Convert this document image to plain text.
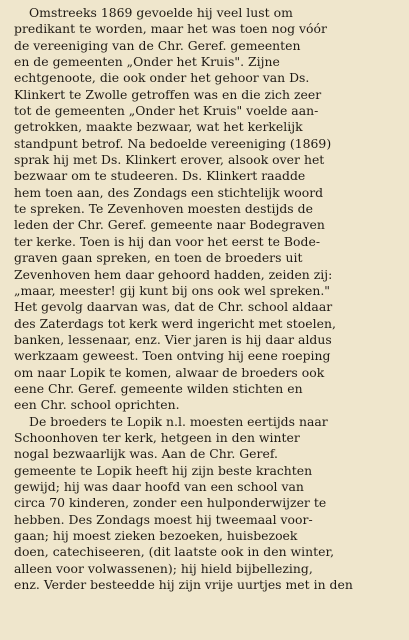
Omstreeks 1869 gevoelde hij veel lust om
predikant te worden, maar het was toen nog vóór
de vereeniging van de Chr. Geref. gemeenten
en de gemeenten „Onder het Kruis". Zijne
echtgenoote, die ook onder het gehoor van Ds.
Klinkert te Zwolle getroffen was en die zich zeer
tot de gemeenten „Onder het Kruis" voelde aan-
getrokken, maakte bezwaar, wat het kerkelijk
standpunt betrof. Na bedoelde vereeniging (1869)
sprak hij met Ds. Klinkert erover, alsook over het
bezwaar om te studeeren. Ds. Klinkert raadde
hem toen aan, des Zondags een stichtelijk woord
te spreken. Te Zevenhoven moesten destijds de
leden der Chr. Geref. gemeente naar Bodegraven
ter kerke. Toen is hij dan voor het eerst te Bode-
graven gaan spreken, en toen de broeders uit
Zevenhoven hem daar gehoord hadden, zeiden zij:
„maar, meester! gij kunt bij ons ook wel spreken."
Het gevolg daarvan was, dat de Chr. school aldaar
des Zaterdags tot kerk werd ingericht met stoelen,
banken, lessenaar, enz. Vier jaren is hij daar aldus
werkzaam geweest. Toen ontving hij eene roeping
om naar Lopik te komen, alwaar de broeders ook
eene Chr. Geref. gemeente wilden stichten en
een Chr. school oprichten.
De broeders te Lopik n.l. moesten eertijds naar
Schoonhoven ter kerk, hetgeen in den winter
nogal bezwaarlijk was. Aan de Chr. Geref.
gemeente te Lopik heeft hij zijn beste krachten
gewijd; hij was daar hoofd van een school van
circa 70 kinderen, zonder een hulponderwijzer te
hebben. Des Zondags moest hij tweemaal voor-
gaan; hij moest zieken bezoeken, huisbezoek
doen, catechiseeren, (dit laatste ook in den winter,
alleen voor volwassenen); hij hield bijbellezing,
enz. Verder besteedde hij zijn vrije uurtjes met in den
